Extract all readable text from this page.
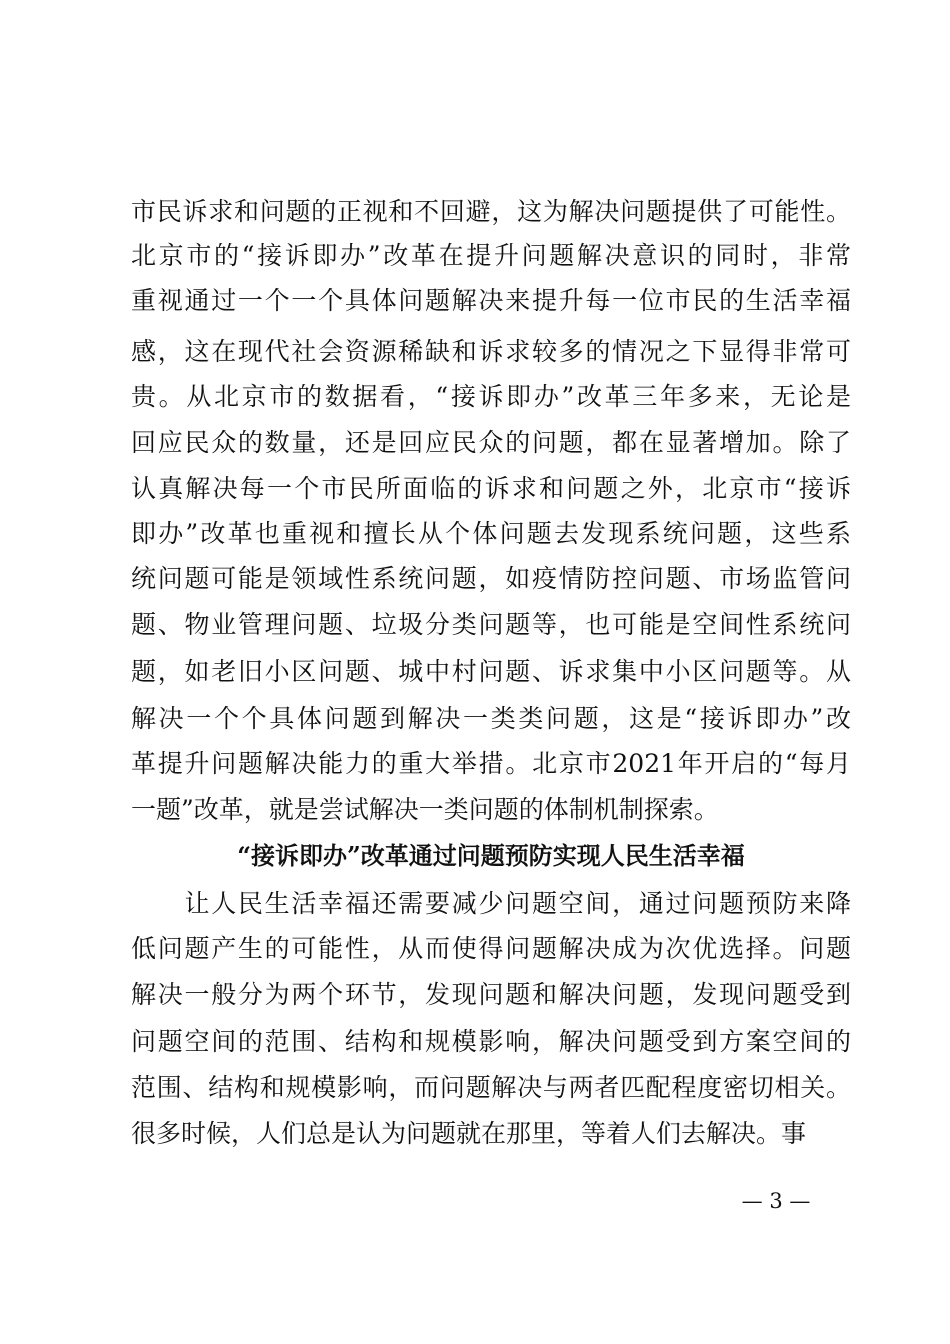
市民诉求和问题的正视和不回避，这为解决问题提供了可能性。
北京市的“接诉即办”改革在提升问题解决意识的同时，非常
重视通过一个一个具体问题解决来提升每一位市民的生活幸福
感，这在现代社会资源稀缺和诉求较多的情况之下显得非常可
贵。从北京市的数据看，“接诉即办”改革三年多来，无论是
回应民众的数量，还是回应民众的问题，都在显著增加。除了
认真解决每一个市民所面临的诉求和问题之外，北京市“接诉
即办”改革也重视和擅长从个体问题去发现系统问题，这些系
统问题可能是领域性系统问题，如疫情防控问题、市场监管问
题、物业管理问题、垃圾分类问题等，也可能是空间性系统问
题，如老旧小区问题、城中村问题、诉求集中小区问题等。从
解决一个个具体问题到解决一类类问题，这是“接诉即办”改
革提升问题解决能力的重大举措。北京市2021年开启的“每月
一题”改革，就是尝试解决一类问题的体制机制探索。
“接诉即办”改革通过问题预防实现人民生活幸福
　　让人民生活幸福还需要减少问题空间，通过问题预防来降
低问题产生的可能性，从而使得问题解决成为次优选择。问题
解决一般分为两个环节，发现问题和解决问题，发现问题受到
问题空间的范围、结构和规模影响，解决问题受到方案空间的
范围、结构和规模影响，而问题解决与两者匹配程度密切相关。
很多时候，人们总是认为问题就在那里，等着人们去解决。事
— 3 —
